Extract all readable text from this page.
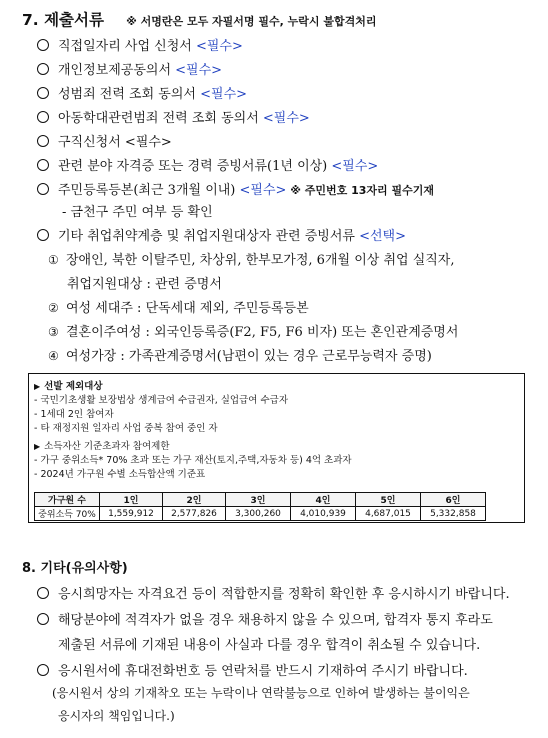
7. 제출서류 ※ 서명란은 모두 자필서명 필수, 누락시 불합격처리
직접일자리 사업 신청서 <필수>
개인정보제공동의서 <필수>
성범죄 전력 조회 동의서 <필수>
아동학대관련범죄 전력 조회 동의서 <필수>
구직신청서 <필수>
관련 분야 자격증 또는 경력 증빙서류(1년 이상) <필수>
주민등록등본(최근 3개월 이내) <필수> ※ 주민번호 13자리 필수기재
- 금천구 주민 여부 등 확인
기타 취업취약계층 및 취업지원대상자 관련 증빙서류 <선택>
① 장애인, 북한 이탈주민, 차상위, 한부모가정, 6개월 이상 취업 실직자,
취업지원대상 : 관련 증명서
② 여성 세대주 : 단독세대 제외, 주민등록등본
③ 결혼이주여성 : 외국인등록증(F2, F5, F6 비자) 또는 혼인관계증명서
④ 여성가장 : 가족관계증명서(남편이 있는 경우 근로무능력자 증명)
▶ 선발 제외대상
- 국민기초생활 보장법상 생계급여 수급권자, 실업급여 수급자
- 1세대 2인 참여자
- 타 재정지원 일자리 사업 중복 참여 중인 자
▶ 소득자산 기준초과자 참여제한
- 가구 중위소득* 70% 초과 또는 가구 재산(토지,주택,자동차 등) 4억 초과자
- 2024년 가구원 수별 소득합산액 기준표
가구원 수	1인	2인	3인	4인	5인	6인
중위소득 70%	1,559,912	2,577,826	3,300,260	4,010,939	4,687,015	5,332,858
8. 기타(유의사항)
응시희망자는 자격요건 등이 적합한지를 정확히 확인한 후 응시하시기 바랍니다.
해당분야에 적격자가 없을 경우 채용하지 않을 수 있으며, 합격자 통지 후라도
제출된 서류에 기재된 내용이 사실과 다를 경우 합격이 취소될 수 있습니다.
응시원서에 휴대전화번호 등 연락처를 반드시 기재하여 주시기 바랍니다.
(응시원서 상의 기재착오 또는 누락이나 연락불능으로 인하여 발생하는 불이익은
응시자의 책임입니다.)
